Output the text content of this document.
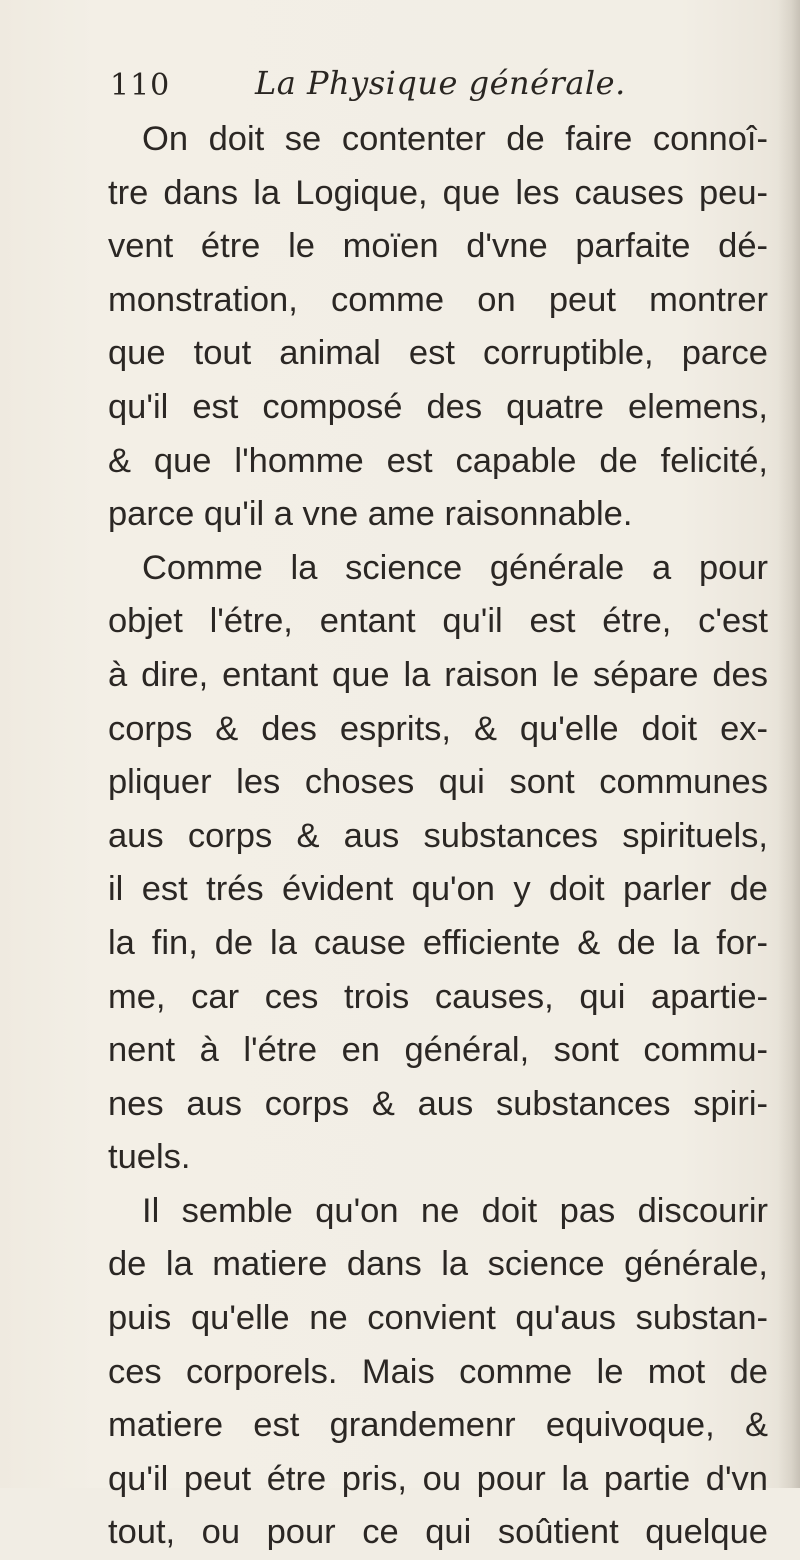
110	La Physique générale.
On doit se contenter de faire connoî-
tre dans la Logique, que les causes peu-
vent étre le moïen d'vne parfaite dé-
monstration, comme on peut montrer
que tout animal est corruptible, parce
qu'il est composé des quatre elemens,
& que l'homme est capable de felicité,
parce qu'il a vne ame raisonnable.
Comme la science générale a pour
objet l'étre, entant qu'il est étre, c'est
à dire, entant que la raison le sépare des
corps & des esprits, & qu'elle doit ex-
pliquer les choses qui sont communes
aus corps & aus substances spirituels,
il est trés évident qu'on y doit parler de
la fin, de la cause efficiente & de la for-
me, car ces trois causes, qui apartie-
nent à l'étre en général, sont commu-
nes aus corps & aus substances spiri-
tuels.
Il semble qu'on ne doit pas discourir
de la matiere dans la science générale,
puis qu'elle ne convient qu'aus substan-
ces corporels. Mais comme le mot de
matiere est grandemenr equivoque, &
qu'il peut étre pris, ou pour la partie d'vn
tout, ou pour ce qui soûtient quelque
